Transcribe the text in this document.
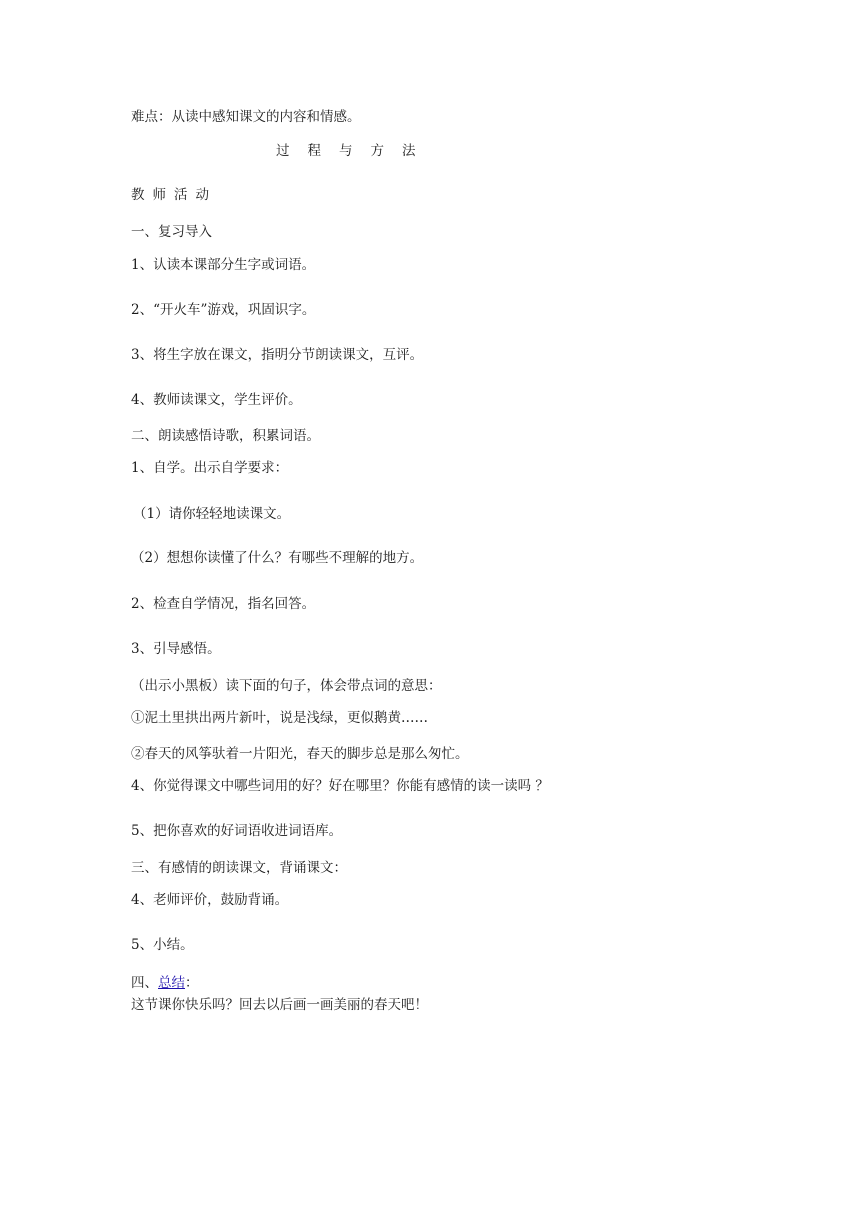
难点：从读中感知课文的内容和情感。
过程与方法
教师活动
一、复习导入
1、认读本课部分生字或词语。
2、“开火车”游戏，巩固识字。
3、将生字放在课文，指明分节朗读课文，互评。
4、教师读课文，学生评价。
二、朗读感悟诗歌，积累词语。
1、自学。出示自学要求：
（1）请你轻轻地读课文。
（2）想想你读懂了什么？有哪些不理解的地方。
2、检查自学情况，指名回答。
3、引导感悟。
（出示小黑板）读下面的句子，体会带点词的意思：
①泥土里拱出两片新叶，说是浅绿，更似鹅黄……
②春天的风筝驮着一片阳光，春天的脚步总是那么匆忙。
4、你觉得课文中哪些词用的好？好在哪里？你能有感情的读一读吗 ？
5、把你喜欢的好词语收进词语库。
三、有感情的朗读课文，背诵课文：
4、老师评价，鼓励背诵。
5、小结。
四、总结：
这节课你快乐吗？回去以后画一画美丽的春天吧！
